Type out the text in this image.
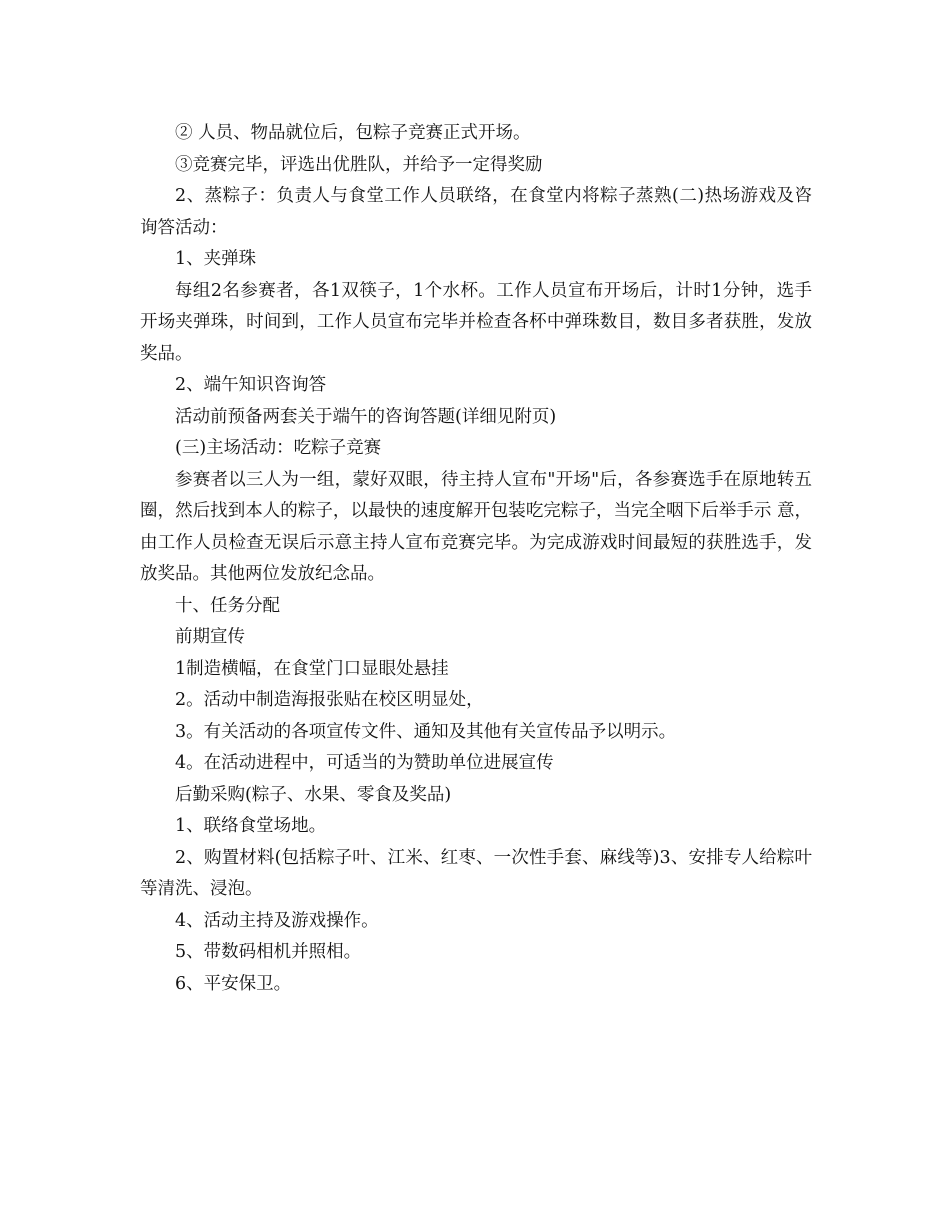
② 人员、物品就位后，包粽子竞赛正式开场。

③竞赛完毕，评选出优胜队，并给予一定得奖励

2、蒸粽子：负责人与食堂工作人员联络，在食堂内将粽子蒸熟(二)热场游戏及咨询答活动：

1、夹弹珠

每组2名参赛者，各1双筷子，1个水杯。工作人员宣布开场后，计时1分钟，选手开场夹弹珠，时间到，工作人员宣布完毕并检查各杯中弹珠数目，数目多者获胜，发放奖品。

2、端午知识咨询答

活动前预备两套关于端午的咨询答题(详细见附页)

(三)主场活动：吃粽子竞赛

参赛者以三人为一组，蒙好双眼，待主持人宣布"开场"后，各参赛选手在原地转五圈，然后找到本人的粽子，以最快的速度解开包装吃完粽子，当完全咽下后举手示 意，由工作人员检查无误后示意主持人宣布竞赛完毕。为完成游戏时间最短的获胜选手，发放奖品。其他两位发放纪念品。

十、任务分配

前期宣传

1制造横幅，在食堂门口显眼处悬挂

2。活动中制造海报张贴在校区明显处，

3。有关活动的各项宣传文件、通知及其他有关宣传品予以明示。

4。在活动进程中，可适当的为赞助单位进展宣传

后勤采购(粽子、水果、零食及奖品)

1、联络食堂场地。

2、购置材料(包括粽子叶、江米、红枣、一次性手套、麻线等)3、安排专人给粽叶等清洗、浸泡。

4、活动主持及游戏操作。

5、带数码相机并照相。

6、平安保卫。
